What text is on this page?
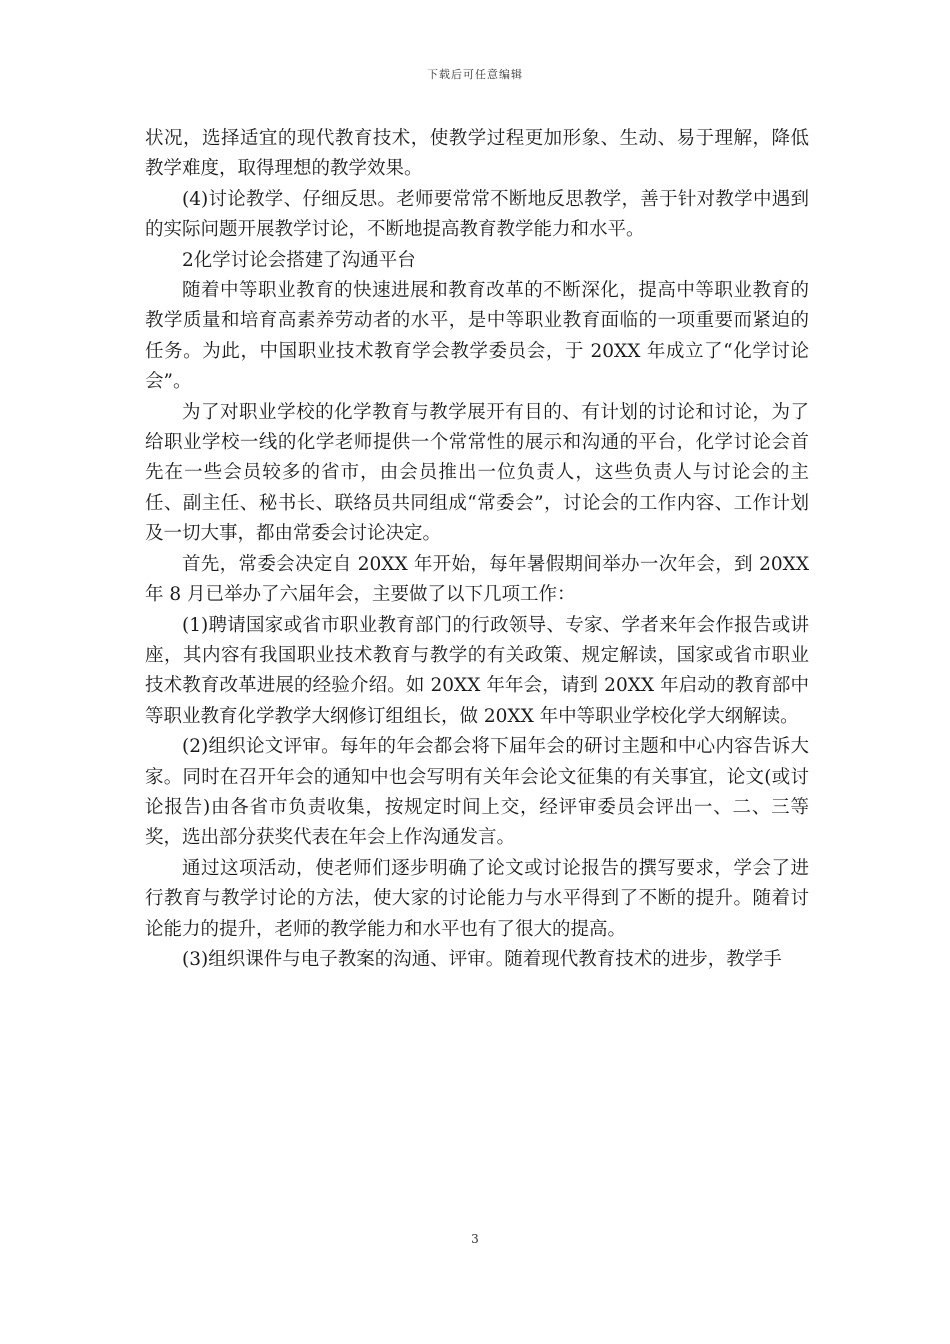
下载后可任意编辑

状况，选择适宜的现代教育技术，使教学过程更加形象、生动、易于理解，降低教学难度，取得理想的教学效果。

(4)讨论教学、仔细反思。老师要常常不断地反思教学，善于针对教学中遇到的实际问题开展教学讨论，不断地提高教育教学能力和水平。

2化学讨论会搭建了沟通平台

随着中等职业教育的快速进展和教育改革的不断深化，提高中等职业教育的教学质量和培育高素养劳动者的水平，是中等职业教育面临的一项重要而紧迫的任务。为此，中国职业技术教育学会教学委员会，于 20XX 年成立了“化学讨论会”。

为了对职业学校的化学教育与教学展开有目的、有计划的讨论和讨论，为了给职业学校一线的化学老师提供一个常常性的展示和沟通的平台，化学讨论会首先在一些会员较多的省市，由会员推出一位负责人，这些负责人与讨论会的主任、副主任、秘书长、联络员共同组成“常委会”，讨论会的工作内容、工作计划及一切大事，都由常委会讨论决定。

首先，常委会决定自 20XX 年开始，每年暑假期间举办一次年会，到 20XX 年 8 月已举办了六届年会，主要做了以下几项工作：

(1)聘请国家或省市职业教育部门的行政领导、专家、学者来年会作报告或讲座，其内容有我国职业技术教育与教学的有关政策、规定解读，国家或省市职业技术教育改革进展的经验介绍。如 20XX 年年会，请到 20XX 年启动的教育部中等职业教育化学教学大纲修订组组长，做 20XX 年中等职业学校化学大纲解读。

(2)组织论文评审。每年的年会都会将下届年会的研讨主题和中心内容告诉大家。同时在召开年会的通知中也会写明有关年会论文征集的有关事宜，论文(或讨论报告)由各省市负责收集，按规定时间上交，经评审委员会评出一、二、三等奖，选出部分获奖代表在年会上作沟通发言。

通过这项活动，使老师们逐步明确了论文或讨论报告的撰写要求，学会了进行教育与教学讨论的方法，使大家的讨论能力与水平得到了不断的提升。随着讨论能力的提升，老师的教学能力和水平也有了很大的提高。

(3)组织课件与电子教案的沟通、评审。随着现代教育技术的进步，教学手

3
